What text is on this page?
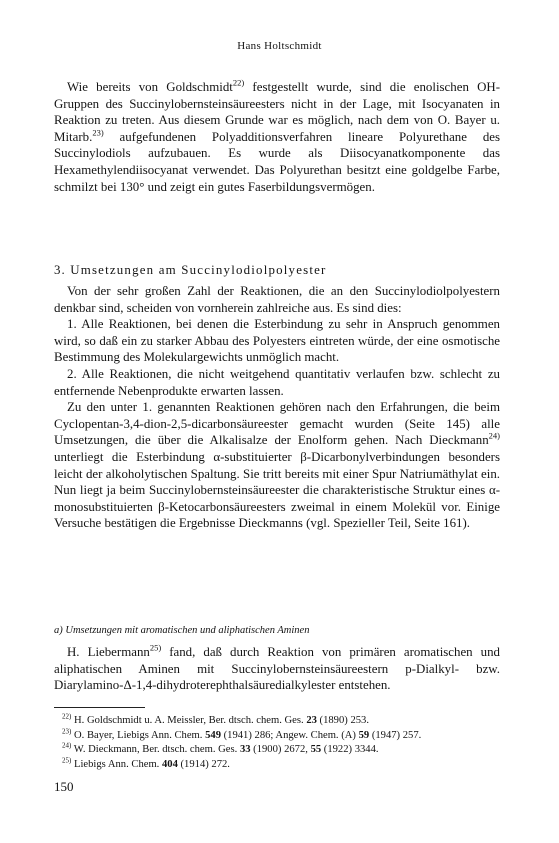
Hans Holtschmidt

Wie bereits von Goldschmidt$^{22)}$ festgestellt wurde, sind die enolischen OH-Gruppen des Succinylobernsteinsäureesters nicht in der Lage, mit Isocyanaten in Reaktion zu treten. Aus diesem Grunde war es möglich, nach dem von O. Bayer u. Mitarb.$^{23)}$ aufgefundenen Polyadditionsverfahren lineare Polyurethane des Succinylodiols aufzubauen. Es wurde als Diisocyanatkomponente das Hexamethylendiisocyanat verwendet. Das Polyurethan besitzt eine goldgelbe Farbe, schmilzt bei 130° und zeigt ein gutes Faserbildungsvermögen.

3. Umsetzungen am Succinylodiolpolyester

Von der sehr großen Zahl der Reaktionen, die an den Succinylodiolpolyestern denkbar sind, scheiden von vornherein zahlreiche aus. Es sind dies:

1. Alle Reaktionen, bei denen die Esterbindung zu sehr in Anspruch genommen wird, so daß ein zu starker Abbau des Polyesters eintreten würde, der eine osmotische Bestimmung des Molekulargewichts unmöglich macht.

2. Alle Reaktionen, die nicht weitgehend quantitativ verlaufen bzw. schlecht zu entfernende Nebenprodukte erwarten lassen.

Zu den unter 1. genannten Reaktionen gehören nach den Erfahrungen, die beim Cyclopentan-3,4-dion-2,5-dicarbonsäureester gemacht wurden (Seite 145) alle Umsetzungen, die über die Alkalisalze der Enolform gehen. Nach Dieckmann$^{24)}$ unterliegt die Esterbindung α-substituierter β-Dicarbonylverbindungen besonders leicht der alkoholytischen Spaltung. Sie tritt bereits mit einer Spur Natriumäthylat ein. Nun liegt ja beim Succinylobernsteinsäureester die charakteristische Struktur eines α-monosubstituierten β-Ketocarbonsäureesters zweimal in einem Molekül vor. Einige Versuche bestätigen die Ergebnisse Dieckmanns (vgl. Spezieller Teil, Seite 161).

a) Umsetzungen mit aromatischen und aliphatischen Aminen

H. Liebermann$^{25)}$ fand, daß durch Reaktion von primären aromatischen und aliphatischen Aminen mit Succinylobernsteinsäureestern p-Dialkyl- bzw. Diarylamino-Δ-1,4-dihydroterephthalsäuredialkylester entstehen.

$^{22)}$ H. Goldschmidt u. A. Meissler, Ber. dtsch. chem. Ges. 23 (1890) 253.
$^{23)}$ O. Bayer, Liebigs Ann. Chem. 549 (1941) 286; Angew. Chem. (A) 59 (1947) 257.
$^{24)}$ W. Dieckmann, Ber. dtsch. chem. Ges. 33 (1900) 2672, 55 (1922) 3344.
$^{25)}$ Liebigs Ann. Chem. 404 (1914) 272.
150
